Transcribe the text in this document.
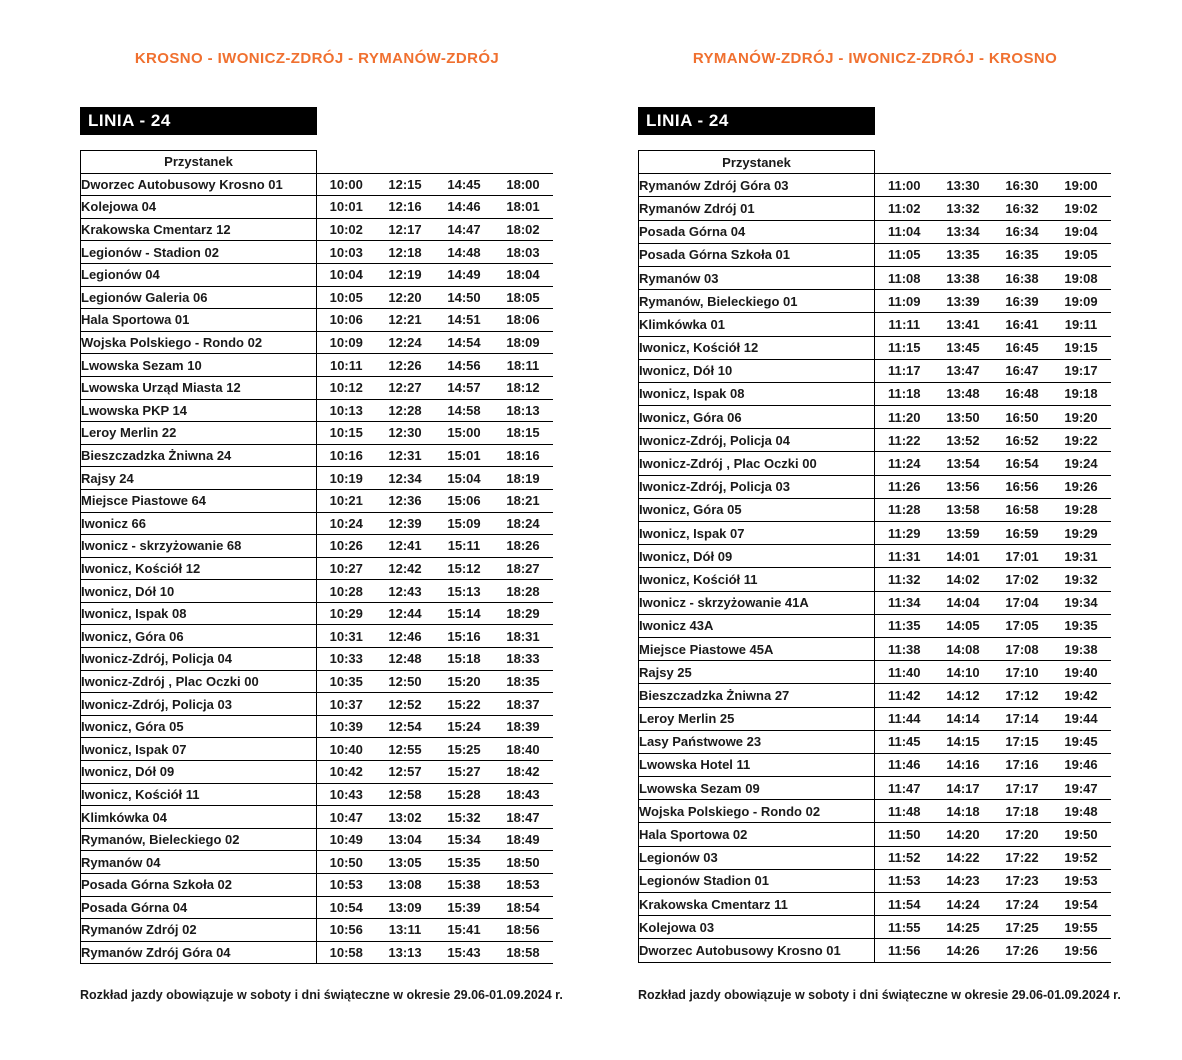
KROSNO - IWONICZ-ZDRÓJ - RYMANÓW-ZDRÓJ
LINIA - 24
Przystanek				
Dworzec Autobusowy Krosno 01	10:00	12:15	14:45	18:00
Kolejowa 04	10:01	12:16	14:46	18:01
Krakowska Cmentarz 12	10:02	12:17	14:47	18:02
Legionów - Stadion 02	10:03	12:18	14:48	18:03
Legionów 04	10:04	12:19	14:49	18:04
Legionów Galeria 06	10:05	12:20	14:50	18:05
Hala Sportowa 01	10:06	12:21	14:51	18:06
Wojska Polskiego - Rondo 02	10:09	12:24	14:54	18:09
Lwowska Sezam 10	10:11	12:26	14:56	18:11
Lwowska Urząd Miasta 12	10:12	12:27	14:57	18:12
Lwowska PKP 14	10:13	12:28	14:58	18:13
Leroy Merlin 22	10:15	12:30	15:00	18:15
Bieszczadzka Żniwna 24	10:16	12:31	15:01	18:16
Rajsy 24	10:19	12:34	15:04	18:19
Miejsce Piastowe 64	10:21	12:36	15:06	18:21
Iwonicz 66	10:24	12:39	15:09	18:24
Iwonicz - skrzyżowanie 68	10:26	12:41	15:11	18:26
Iwonicz, Kościół 12	10:27	12:42	15:12	18:27
Iwonicz, Dół 10	10:28	12:43	15:13	18:28
Iwonicz, Ispak 08	10:29	12:44	15:14	18:29
Iwonicz, Góra 06	10:31	12:46	15:16	18:31
Iwonicz-Zdrój, Policja 04	10:33	12:48	15:18	18:33
Iwonicz-Zdrój , Plac Oczki 00	10:35	12:50	15:20	18:35
Iwonicz-Zdrój, Policja 03	10:37	12:52	15:22	18:37
Iwonicz, Góra 05	10:39	12:54	15:24	18:39
Iwonicz, Ispak 07	10:40	12:55	15:25	18:40
Iwonicz, Dół 09	10:42	12:57	15:27	18:42
Iwonicz, Kościół 11	10:43	12:58	15:28	18:43
Klimkówka 04	10:47	13:02	15:32	18:47
Rymanów, Bieleckiego 02	10:49	13:04	15:34	18:49
Rymanów 04	10:50	13:05	15:35	18:50
Posada Górna Szkoła 02	10:53	13:08	15:38	18:53
Posada Górna 04	10:54	13:09	15:39	18:54
Rymanów Zdrój 02	10:56	13:11	15:41	18:56
Rymanów Zdrój Góra 04	10:58	13:13	15:43	18:58
Rozkład jazdy obowiązuje w soboty i dni świąteczne w okresie 29.06-01.09.2024 r.
RYMANÓW-ZDRÓJ - IWONICZ-ZDRÓJ - KROSNO
LINIA - 24
Przystanek				
Rymanów Zdrój Góra 03	11:00	13:30	16:30	19:00
Rymanów Zdrój 01	11:02	13:32	16:32	19:02
Posada Górna 04	11:04	13:34	16:34	19:04
Posada Górna Szkoła 01	11:05	13:35	16:35	19:05
Rymanów 03	11:08	13:38	16:38	19:08
Rymanów, Bieleckiego 01	11:09	13:39	16:39	19:09
Klimkówka 01	11:11	13:41	16:41	19:11
Iwonicz, Kościół 12	11:15	13:45	16:45	19:15
Iwonicz, Dół 10	11:17	13:47	16:47	19:17
Iwonicz, Ispak 08	11:18	13:48	16:48	19:18
Iwonicz, Góra 06	11:20	13:50	16:50	19:20
Iwonicz-Zdrój, Policja 04	11:22	13:52	16:52	19:22
Iwonicz-Zdrój , Plac Oczki 00	11:24	13:54	16:54	19:24
Iwonicz-Zdrój, Policja 03	11:26	13:56	16:56	19:26
Iwonicz, Góra 05	11:28	13:58	16:58	19:28
Iwonicz, Ispak 07	11:29	13:59	16:59	19:29
Iwonicz, Dół 09	11:31	14:01	17:01	19:31
Iwonicz, Kościół 11	11:32	14:02	17:02	19:32
Iwonicz - skrzyżowanie 41A	11:34	14:04	17:04	19:34
Iwonicz 43A	11:35	14:05	17:05	19:35
Miejsce Piastowe 45A	11:38	14:08	17:08	19:38
Rajsy 25	11:40	14:10	17:10	19:40
Bieszczadzka Żniwna 27	11:42	14:12	17:12	19:42
Leroy Merlin 25	11:44	14:14	17:14	19:44
Lasy Państwowe 23	11:45	14:15	17:15	19:45
Lwowska Hotel 11	11:46	14:16	17:16	19:46
Lwowska Sezam 09	11:47	14:17	17:17	19:47
Wojska Polskiego - Rondo 02	11:48	14:18	17:18	19:48
Hala Sportowa 02	11:50	14:20	17:20	19:50
Legionów 03	11:52	14:22	17:22	19:52
Legionów Stadion 01	11:53	14:23	17:23	19:53
Krakowska Cmentarz 11	11:54	14:24	17:24	19:54
Kolejowa 03	11:55	14:25	17:25	19:55
Dworzec Autobusowy Krosno 01	11:56	14:26	17:26	19:56
Rozkład jazdy obowiązuje w soboty i dni świąteczne w okresie 29.06-01.09.2024 r.
